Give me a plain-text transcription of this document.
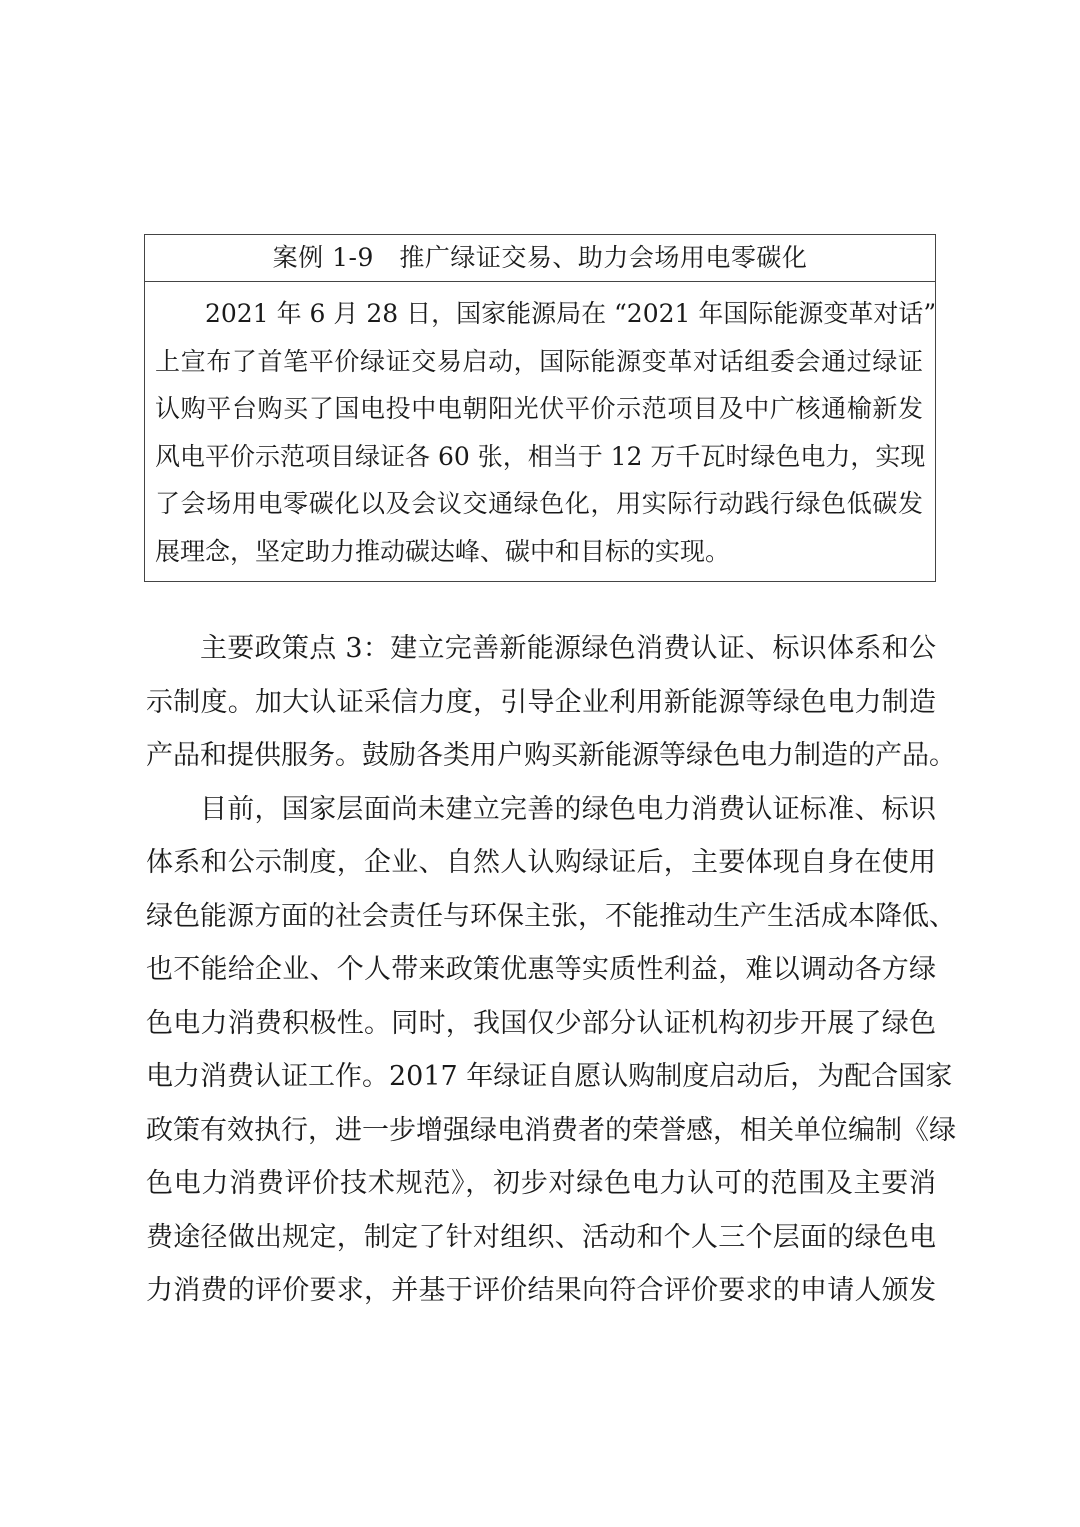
案例 1-9　推广绿证交易、助力会场用电零碳化
2021 年 6 月 28 日，国家能源局在 “2021 年国际能源变革对话”
上宣布了首笔平价绿证交易启动，国际能源变革对话组委会通过绿证
认购平台购买了国电投中电朝阳光伏平价示范项目及中广核通榆新发
风电平价示范项目绿证各 60 张，相当于 12 万千瓦时绿色电力，实现
了会场用电零碳化以及会议交通绿色化，用实际行动践行绿色低碳发
展理念，坚定助力推动碳达峰、碳中和目标的实现。
主要政策点 3：建立完善新能源绿色消费认证、标识体系和公
示制度。加大认证采信力度，引导企业利用新能源等绿色电力制造
产品和提供服务。鼓励各类用户购买新能源等绿色电力制造的产品。
目前，国家层面尚未建立完善的绿色电力消费认证标准、标识
体系和公示制度，企业、自然人认购绿证后，主要体现自身在使用
绿色能源方面的社会责任与环保主张，不能推动生产生活成本降低、
也不能给企业、个人带来政策优惠等实质性利益，难以调动各方绿
色电力消费积极性。同时，我国仅少部分认证机构初步开展了绿色
电力消费认证工作。2017 年绿证自愿认购制度启动后，为配合国家
政策有效执行，进一步增强绿电消费者的荣誉感，相关单位编制《绿
色电力消费评价技术规范》，初步对绿色电力认可的范围及主要消
费途径做出规定，制定了针对组织、活动和个人三个层面的绿色电
力消费的评价要求，并基于评价结果向符合评价要求的申请人颁发
